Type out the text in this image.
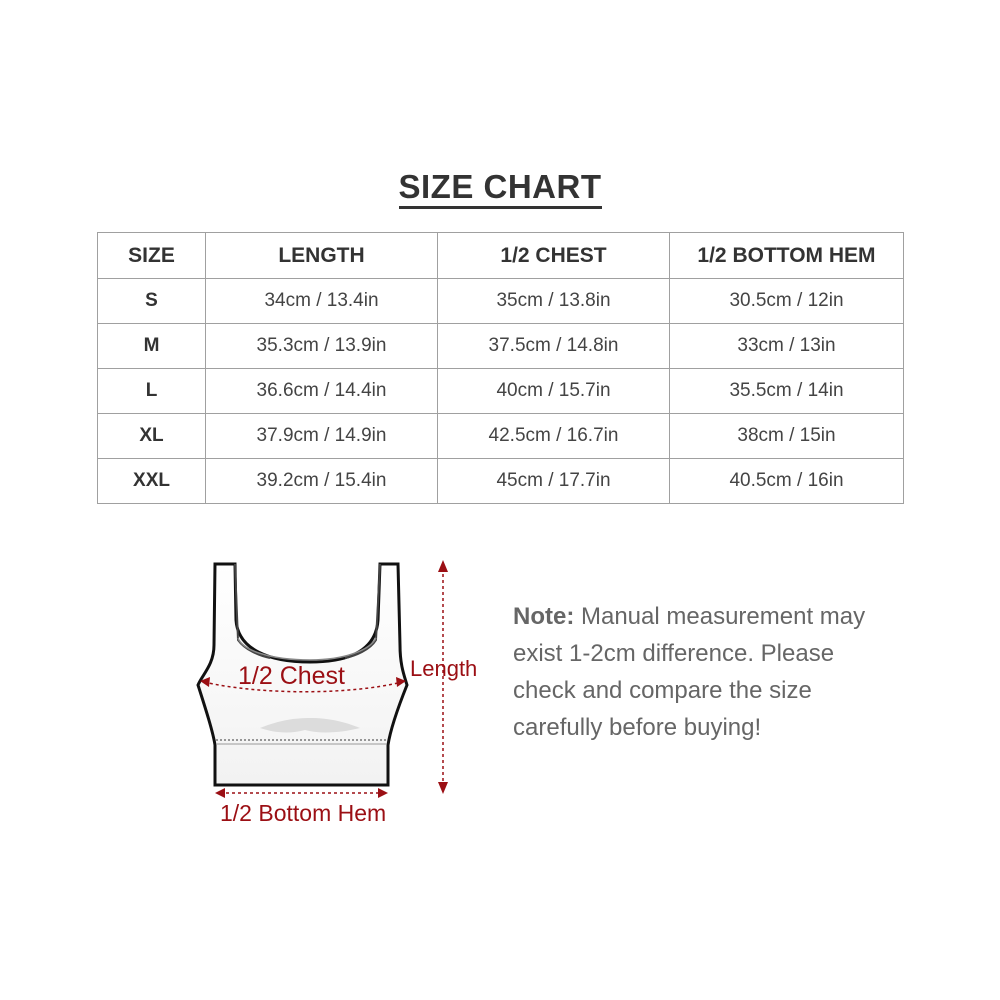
SIZE CHART
SIZE	LENGTH	1/2 CHEST	1/2 BOTTOM HEM
S	34cm / 13.4in	35cm / 13.8in	30.5cm / 12in
M	35.3cm / 13.9in	37.5cm / 14.8in	33cm / 13in
L	36.6cm / 14.4in	40cm / 15.7in	35.5cm / 14in
XL	37.9cm / 14.9in	42.5cm / 16.7in	38cm / 15in
XXL	39.2cm / 15.4in	45cm / 17.7in	40.5cm / 16in
1/2 Chest	Length
1/2 Bottom Hem
Note: Manual measurement may exist 1-2cm difference. Please check and compare the size carefully before buying!
